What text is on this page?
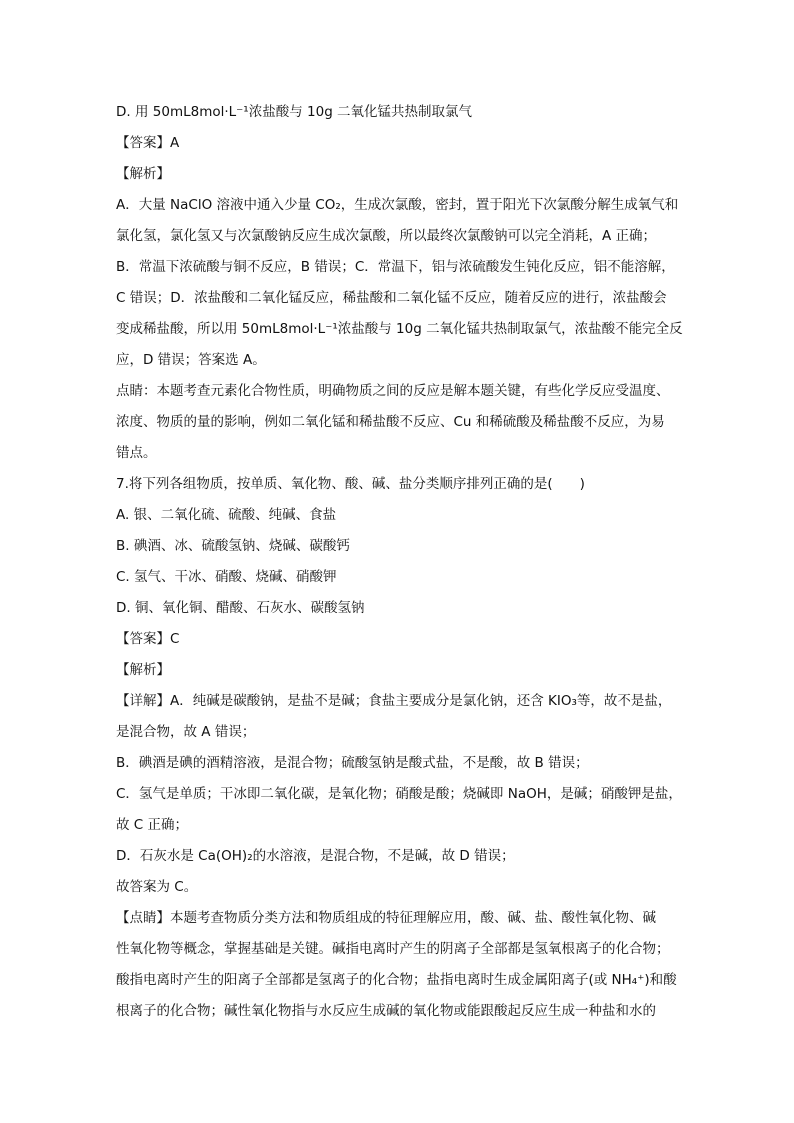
D. 用 50mL8mol·L⁻¹浓盐酸与 10g 二氧化锰共热制取氯气
【答案】A
【解析】
A．大量 NaClO 溶液中通入少量 CO₂，生成次氯酸，密封，置于阳光下次氯酸分解生成氧气和
氯化氢，氯化氢又与次氯酸钠反应生成次氯酸，所以最终次氯酸钠可以完全消耗，A 正确；
B．常温下浓硫酸与铜不反应，B 错误；C．常温下，铝与浓硫酸发生钝化反应，铝不能溶解，
C 错误；D．浓盐酸和二氧化锰反应，稀盐酸和二氧化锰不反应，随着反应的进行，浓盐酸会
变成稀盐酸，所以用 50mL8mol·L⁻¹浓盐酸与 10g 二氧化锰共热制取氯气，浓盐酸不能完全反
应，D 错误；答案选 A。
点睛：本题考查元素化合物性质，明确物质之间的反应是解本题关键，有些化学反应受温度、
浓度、物质的量的影响，例如二氧化锰和稀盐酸不反应、Cu 和稀硫酸及稀盐酸不反应，为易
错点。
7.将下列各组物质，按单质、氧化物、酸、碱、盐分类顺序排列正确的是(　　)
A. 银、二氧化硫、硫酸、纯碱、食盐
B. 碘酒、冰、硫酸氢钠、烧碱、碳酸钙
C. 氢气、干冰、硝酸、烧碱、硝酸钾
D. 铜、氧化铜、醋酸、石灰水、碳酸氢钠
【答案】C
【解析】
【详解】A．纯碱是碳酸钠，是盐不是碱；食盐主要成分是氯化钠，还含 KIO₃等，故不是盐，
是混合物，故 A 错误；
B．碘酒是碘的酒精溶液，是混合物；硫酸氢钠是酸式盐，不是酸，故 B 错误；
C．氢气是单质；干冰即二氧化碳，是氧化物；硝酸是酸；烧碱即 NaOH，是碱；硝酸钾是盐，
故 C 正确；
D．石灰水是 Ca(OH)₂的水溶液，是混合物，不是碱，故 D 错误；
故答案为 C。
【点睛】本题考查物质分类方法和物质组成的特征理解应用，酸、碱、盐、酸性氧化物、碱
性氧化物等概念，掌握基础是关键。碱指电离时产生的阴离子全部都是氢氧根离子的化合物；
酸指电离时产生的阳离子全部都是氢离子的化合物；盐指电离时生成金属阳离子(或 NH₄⁺)和酸
根离子的化合物；碱性氧化物指与水反应生成碱的氧化物或能跟酸起反应生成一种盐和水的
